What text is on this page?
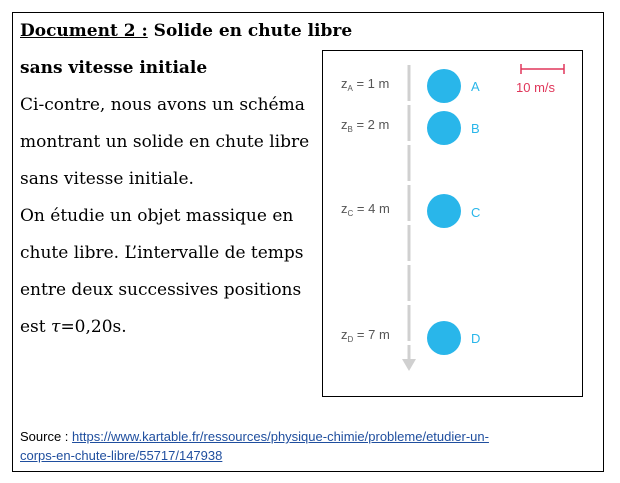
Document 2 : Solide en chute libre
sans vitesse initiale
Ci-contre, nous avons un schéma
montrant un solide en chute libre
sans vitesse initiale.
On étudie un objet massique en
chute libre. L’intervalle de temps
entre deux successives positions
est τ=0,20s.
10 m/s
$z_A = 1$ m	A
$z_B = 2$ m	B
$z_C = 4$ m	C
$z_D = 7$ m	D
Source : https://www.kartable.fr/ressources/physique-chimie/probleme/etudier-un-
corps-en-chute-libre/55717/147938
